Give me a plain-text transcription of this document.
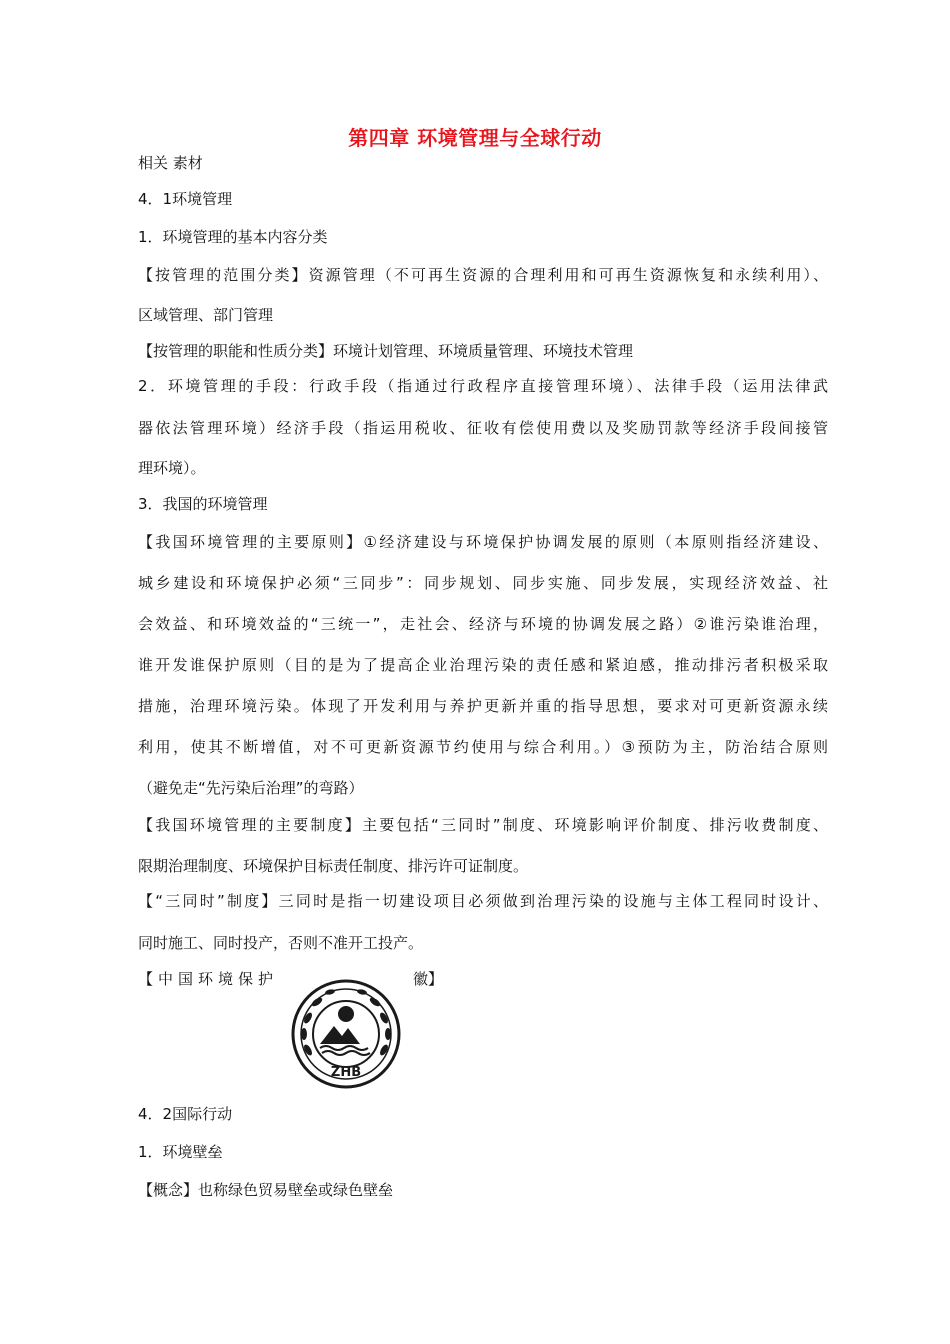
第四章 环境管理与全球行动
相关 素材
4．1环境管理
1．环境管理的基本内容分类
【按管理的范围分类】资源管理（不可再生资源的合理利用和可再生资源恢复和永续利用）、
区域管理、部门管理
【按管理的职能和性质分类】环境计划管理、环境质量管理、环境技术管理
2．环境管理的手段：行政手段（指通过行政程序直接管理环境）、法律手段（运用法律武
器依法管理环境）经济手段（指运用税收、征收有偿使用费以及奖励罚款等经济手段间接管
理环境）。
3．我国的环境管理
【我国环境管理的主要原则】①经济建设与环境保护协调发展的原则（本原则指经济建设、
城乡建设和环境保护必须“三同步”：同步规划、同步实施、同步发展，实现经济效益、社
会效益、和环境效益的“三统一”，走社会、经济与环境的协调发展之路）②谁污染谁治理，
谁开发谁保护原则（目的是为了提高企业治理污染的责任感和紧迫感，推动排污者积极采取
措施，治理环境污染。体现了开发利用与养护更新并重的指导思想，要求对可更新资源永续
利用，使其不断增值，对不可更新资源节约使用与综合利用。）③预防为主，防治结合原则
（避免走“先污染后治理”的弯路）
【我国环境管理的主要制度】主要包括“三同时”制度、环境影响评价制度、排污收费制度、
限期治理制度、环境保护目标责任制度、排污许可证制度。
【“三同时”制度】三同时是指一切建设项目必须做到治理污染的设施与主体工程同时设计、
同时施工、同时投产，否则不准开工投产。
【中国环境保护	徽】
ZHB
4．2国际行动
1．环境壁垒
【概念】也称绿色贸易壁垒或绿色壁垒
